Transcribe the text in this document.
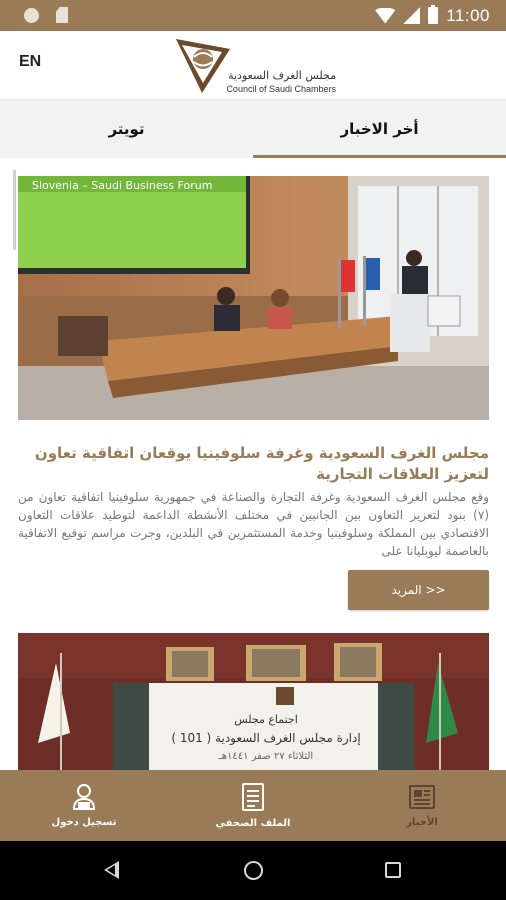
11:00
EN
مجلس الغرف السعودية
Council of Saudi Chambers
تويتر	أخر الاخبار
Slovenia – Saudi Business Forum
مجلس الغرف السعودية وغرفة سلوفينيا يوقعان اتفاقية تعاون لتعزيز العلاقات التجارية
وقع مجلس الغرف السعودية وغرفة التجارة والصناعة في جمهورية سلوفينيا اتفاقية تعاون من (٧) بنود لتعزيز التعاون بين الجانبين في مختلف الأنشطة الداعمة لتوطيد علاقات التعاون الاقتصادي بين المملكة وسلوفينيا وخدمة المستثمرين في البلدين، وجرت مراسم توقيع الاتفاقية بالعاصمة ليوبليانا على
المزيد >>
اجتماع مجلس
إدارة مجلس الغرف السعودية ( 101 )
الثلاثاء ٢٧ صفر ١٤٤١هـ
تسجيل دخول	الملف الصحفي	الأخبار
